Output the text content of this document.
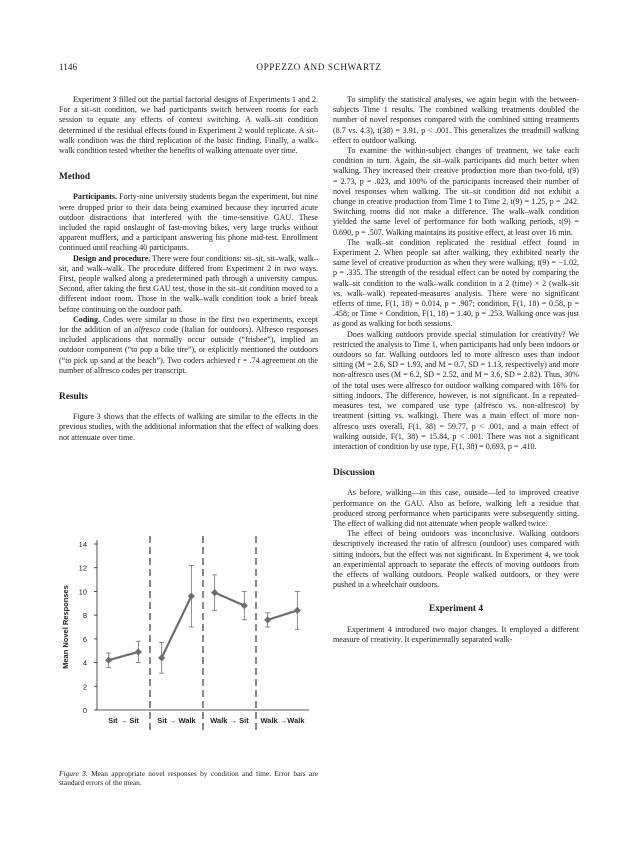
1146	OPPEZZO AND SCHWARTZ

Experiment 3 filled out the partial factorial designs of Experiments 1 and 2. For a sit–sit condition, we had participants switch between rooms for each session to equate any effects of context switching. A walk–sit condition determined if the residual effects found in Experiment 2 would replicate. A sit–walk condition was the third replication of the basic finding. Finally, a walk–walk condition tested whether the benefits of walking attenuate over time.

Method

Participants. Forty-nine university students began the experiment, but nine were dropped prior to their data being examined because they incurred acute outdoor distractions that interfered with the time-sensitive GAU. These included the rapid onslaught of fast-moving bikes, very large trucks without apparent mufflers, and a participant answering his phone mid-test. Enrollment continued until reaching 40 participants.

Design and procedure. There were four conditions: sit–sit, sit–walk, walk–sit, and walk–walk. The procedure differed from Experiment 2 in two ways. First, people walked along a predetermined path through a university campus. Second, after taking the first GAU test, those in the sit–sit condition moved to a different indoor room. Those in the walk–walk condition took a brief break before continuing on the outdoor path.

Coding. Codes were similar to those in the first two experiments, except for the addition of an alfresco code (Italian for outdoors). Alfresco responses included applications that normally occur outside (“frisbee”), implied an outdoor component (“to pop a bike tire”), or explicitly mentioned the outdoors (“to pick up sand at the beach”). Two coders achieved r = .74 agreement on the number of alfresco codes per transcript.

Results

Figure 3 shows that the effects of walking are similar to the effects in the previous studies, with the additional information that the effect of walking does not attenuate over time.

0
2
4
6
8
10
12
14
Mean Novel Responses
Sit → Sit Sit → Walk Walk → Sit Walk →Walk
Figure 3. Mean appropriate novel responses by condition and time. Error bars are standard errors of the mean.

To simplify the statistical analyses, we again begin with the between-subjects Time 1 results. The combined walking treatments doubled the number of novel responses compared with the combined sitting treatments (8.7 vs. 4.3), t(38) = 3.91, p < .001. This generalizes the treadmill walking effect to outdoor walking.

To examine the within-subject changes of treatment, we take each condition in turn. Again, the sit–walk participants did much better when walking. They increased their creative production more than two-fold, t(9) = 2.73, p = .023, and 100% of the participants increased their number of novel responses when walking. The sit–sit condition did not exhibit a change in creative production from Time 1 to Time 2, t(9) = 1.25, p = .242. Switching rooms did not make a difference. The walk–walk condition yielded the same level of performance for both walking periods, t(9) = 0.690, p = .507. Walking maintains its positive effect, at least over 16 min.

The walk–sit condition replicated the residual effect found in Experiment 2. When people sat after walking, they exhibited nearly the same level of creative production as when they were walking, t(9) = −1.02, p = .335. The strength of the residual effect can be noted by comparing the walk–sit condition to the walk–walk condition in a 2 (time) × 2 (walk–sit vs. walk–walk) repeated-measures analysis. There were no significant effects of time, F(1, 18) = 0.014, p = .907; condition, F(1, 18) = 0.58, p = .458; or Time × Condition, F(1, 18) = 1.40, p = .253. Walking once was just as good as walking for both sessions.

Does walking outdoors provide special stimulation for creativity? We restricted the analysis to Time 1, when participants had only been indoors or outdoors so far. Walking outdoors led to more alfresco uses than indoor sitting (M = 2.6, SD = 1.93, and M = 0.7, SD = 1.13, respectively) and more non-alfresco uses (M = 6.2, SD = 2.52, and M = 3.6, SD = 2.82). Thus, 30% of the total uses were alfresco for outdoor walking compared with 16% for sitting indoors. The difference, however, is not significant. In a repeated-measures test, we compared use type (alfresco vs. non-alfresco) by treatment (sitting vs. walking). There was a main effect of more non-alfresco uses overall, F(1, 38) = 59.77, p < .001, and a main effect of walking outside, F(1, 38) = 15.84, p < .001. There was not a significant interaction of condition by use type, F(1, 38) = 0.693, p = .410.

Discussion

As before, walking—in this case, outside—led to improved creative performance on the GAU. Also as before, walking left a residue that produced strong performance when participants were subsequently sitting. The effect of walking did not attenuate when people walked twice.

The effect of being outdoors was inconclusive. Walking outdoors descriptively increased the ratio of alfresco (outdoor) uses compared with sitting indoors, but the effect was not significant. In Experiment 4, we took an experimental approach to separate the effects of moving outdoors from the effects of walking outdoors. People walked outdoors, or they were pushed in a wheelchair outdoors.

Experiment 4

Experiment 4 introduced two major changes. It employed a different measure of creativity. It experimentally separated walk-
